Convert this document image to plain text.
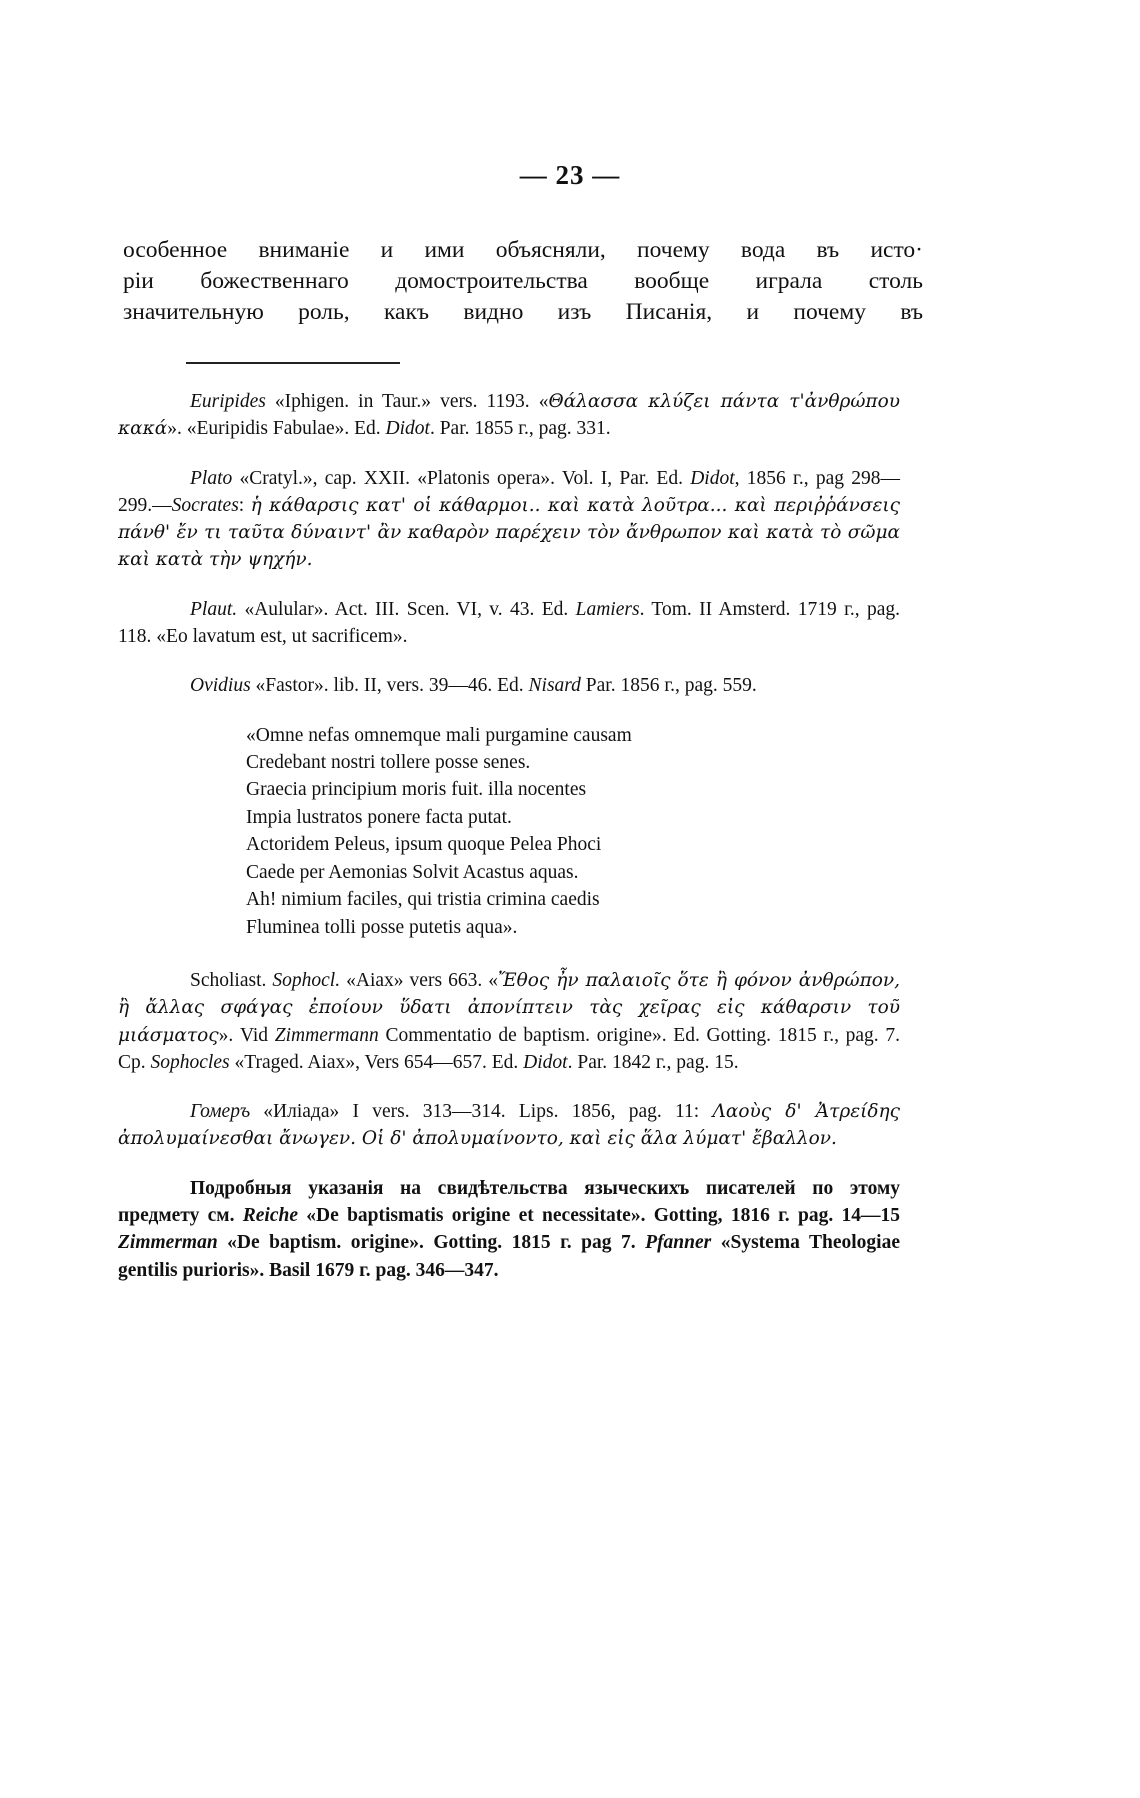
— 23 —
особенное вниманіе и ими объясняли, почему вода въ исто·
ріи божественнаго домостроительства вообще играла столь
значительную роль, какъ видно изъ Писанія, и почему въ

Euripides «Iphigen. in Taur.» vers. 1193. «Θάλασσα κλύζει πάντα τ'ἀνθρώπου κακά». «Euripidis Fabulae». Ed. Didot. Par. 1855 г., pag. 331.

Plato «Cratyl.», cap. XXII. «Platonis opera». Vol. I, Par. Ed. Didot, 1856 г., pag 298—299.—Socrates: ἡ κάθαρσις κατ' οἱ κάθαρμοι.. καὶ κατὰ λοῦτρα... καὶ περιῤῥάνσεις πάνθ' ἔν τι ταῦτα δύναιντ' ἂν καθαρὸν παρέχειν τὸν ἄνθρωπον καὶ κατὰ τὸ σῶμα καὶ κατὰ τὴν ψηχήν.

Plaut. «Aulular». Act. III. Scen. VI, v. 43. Ed. Lamiers. Tom. II Amsterd. 1719 г., pag. 118. «Eo lavatum est, ut sacrificem».

Ovidius «Fastor». lib. II, vers. 39—46. Ed. Nisard Par. 1856 г., pag. 559.

«Omne nefas omnemque mali purgamine causam
Credebant nostri tollere posse senes.
Graecia principium moris fuit. illa nocentes
Impia lustratos ponere facta putat.
Actoridem Peleus, ipsum quoque Pelea Phoci
Caede per Aemonias Solvit Acastus aquas.
Ah! nimium faciles, qui tristia crimina caedis
Fluminea tolli posse putetis aqua».

Scholiast. Sophocl. «Aiax» vers 663. «Ἔθος ἦν παλαιοῖς ὅτε ἢ φόνον ἀνθρώπον, ἢ ἄλλας σφάγας ἐποίουν ὕδατι ἀπονίπτειν τὰς χεῖρας εἰς κάθαρσιν τοῦ μιάσματος». Vid Zimmermann Commentatio de baptism. origine». Ed. Gotting. 1815 г., pag. 7. Cp. Sophocles «Traged. Aiax», Vers 654—657. Ed. Didot. Par. 1842 г., pag. 15.

Гомеръ «Иліада» I vers. 313—314. Lips. 1856, pag. 11: Λαοὺς δ' Ἀτρείδης ἀπολυμαίνεσθαι ἄνωγεν. Οἱ δ' ἀπολυμαίνοντο, καὶ εἰς ἅλα λύματ' ἔβαλλον.

Подробныя указанія на свидѣтельства языческихъ писателей по этому предмету см. Reiche «De baptismatis origine et necessitate». Gotting, 1816 г. pag. 14—15 Zimmerman «De baptism. origine». Gotting. 1815 г. pag 7. Pfanner «Systema Theologiae gentilis purioris». Basil 1679 г. pag. 346—347.
